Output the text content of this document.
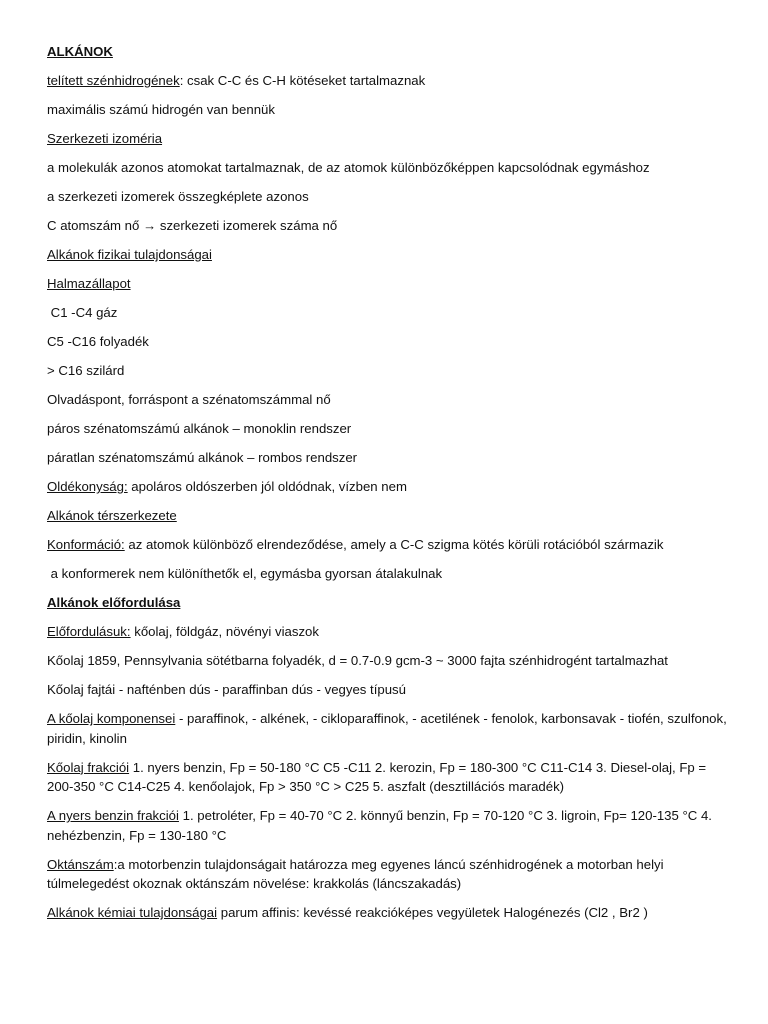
ALKÁNOK

telített szénhidrogének: csak C-C és C-H kötéseket tartalmaznak

maximális számú hidrogén van bennük

Szerkezeti izoméria

a molekulák azonos atomokat tartalmaznak, de az atomok különbözőképpen kapcsolódnak egymáshoz

a szerkezeti izomerek összegképlete azonos

C atomszám nő → szerkezeti izomerek száma nő

Alkánok fizikai tulajdonságai

Halmazállapot

C1 -C4 gáz

C5 -C16 folyadék

> C16 szilárd

Olvadáspont, forráspont a szénatomszámmal nő

páros szénatomszámú alkánok – monoklin rendszer

páratlan szénatomszámú alkánok – rombos rendszer

Oldékonyság: apoláros oldószerben jól oldódnak, vízben nem

Alkánok térszerkezete

Konformáció: az atomok különböző elrendeződése, amely a C-C szigma kötés körüli rotációból származik

a konformerek nem különíthetők el, egymásba gyorsan átalakulnak

Alkánok előfordulása

Előfordulásuk: kőolaj, földgáz, növényi viaszok

Kőolaj 1859, Pennsylvania sötétbarna folyadék, d = 0.7-0.9 gcm-3 ~ 3000 fajta szénhidrogént tartalmazhat

Kőolaj fajtái - nafténben dús - paraffinban dús - vegyes típusú

A kőolaj komponensei - paraffinok, - alkének, - cikloparaffinok, - acetilének - fenolok, karbonsavak - tiofén, szulfonok, piridin, kinolin

Kőolaj frakciói 1. nyers benzin, Fp = 50-180 °C C5 -C11 2. kerozin, Fp = 180-300 °C C11-C14 3. Diesel-olaj, Fp = 200-350 °C C14-C25 4. kenőolajok, Fp > 350 °C > C25 5. aszfalt (desztillációs maradék)

A nyers benzin frakciói 1. petroléter, Fp = 40-70 °C 2. könnyű benzin, Fp = 70-120 °C 3. ligroin, Fp= 120-135 °C 4. nehézbenzin, Fp = 130-180 °C

Oktánszám:a motorbenzin tulajdonságait határozza meg egyenes láncú szénhidrogének a motorban helyi túlmelegedést okoznak oktánszám növelése: krakkolás (láncszakadás)

Alkánok kémiai tulajdonságai parum affinis: kevéssé reakcióképes vegyületek Halogénezés (Cl2 , Br2 )
